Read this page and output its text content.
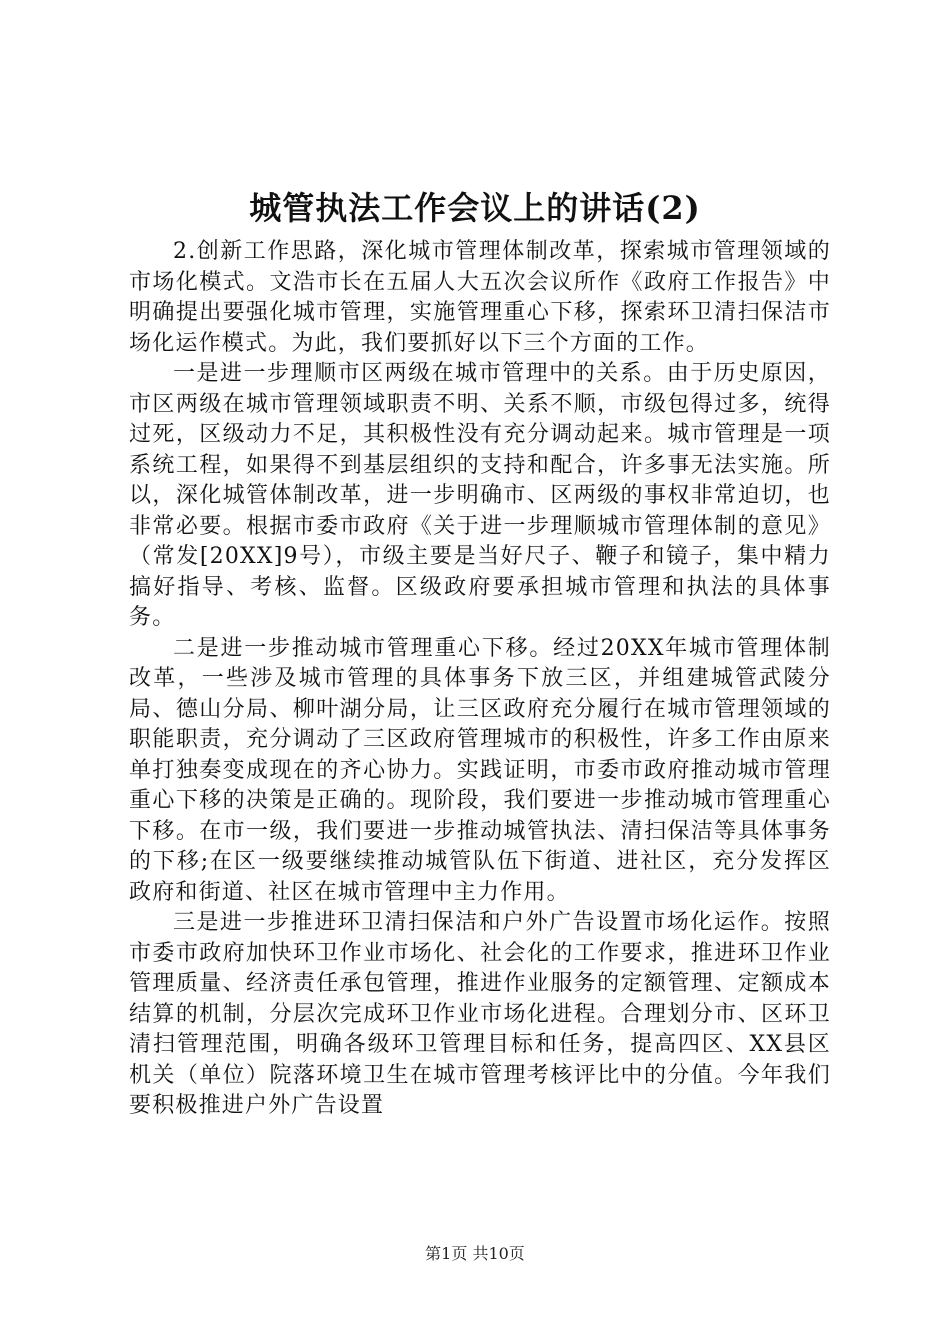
城管执法工作会议上的讲话(2)

2.创新工作思路，深化城市管理体制改革，探索城市管理领域的市场化模式。文浩市长在五届人大五次会议所作《政府工作报告》中明确提出要强化城市管理，实施管理重心下移，探索环卫清扫保洁市场化运作模式。为此，我们要抓好以下三个方面的工作。

一是进一步理顺市区两级在城市管理中的关系。由于历史原因，市区两级在城市管理领域职责不明、关系不顺，市级包得过多，统得过死，区级动力不足，其积极性没有充分调动起来。城市管理是一项系统工程，如果得不到基层组织的支持和配合，许多事无法实施。所以，深化城管体制改革，进一步明确市、区两级的事权非常迫切，也非常必要。根据市委市政府《关于进一步理顺城市管理体制的意见》（常发[20XX]9号），市级主要是当好尺子、鞭子和镜子，集中精力搞好指导、考核、监督。区级政府要承担城市管理和执法的具体事务。

二是进一步推动城市管理重心下移。经过20XX年城市管理体制改革，一些涉及城市管理的具体事务下放三区，并组建城管武陵分局、德山分局、柳叶湖分局，让三区政府充分履行在城市管理领域的职能职责，充分调动了三区政府管理城市的积极性，许多工作由原来单打独奏变成现在的齐心协力。实践证明，市委市政府推动城市管理重心下移的决策是正确的。现阶段，我们要进一步推动城市管理重心下移。在市一级，我们要进一步推动城管执法、清扫保洁等具体事务的下移;在区一级要继续推动城管队伍下街道、进社区，充分发挥区政府和街道、社区在城市管理中主力作用。

三是进一步推进环卫清扫保洁和户外广告设置市场化运作。按照市委市政府加快环卫作业市场化、社会化的工作要求，推进环卫作业管理质量、经济责任承包管理，推进作业服务的定额管理、定额成本结算的机制，分层次完成环卫作业市场化进程。合理划分市、区环卫清扫管理范围，明确各级环卫管理目标和任务，提高四区、XX县区机关（单位）院落环境卫生在城市管理考核评比中的分值。今年我们要积极推进户外广告设置

第1页 共10页
